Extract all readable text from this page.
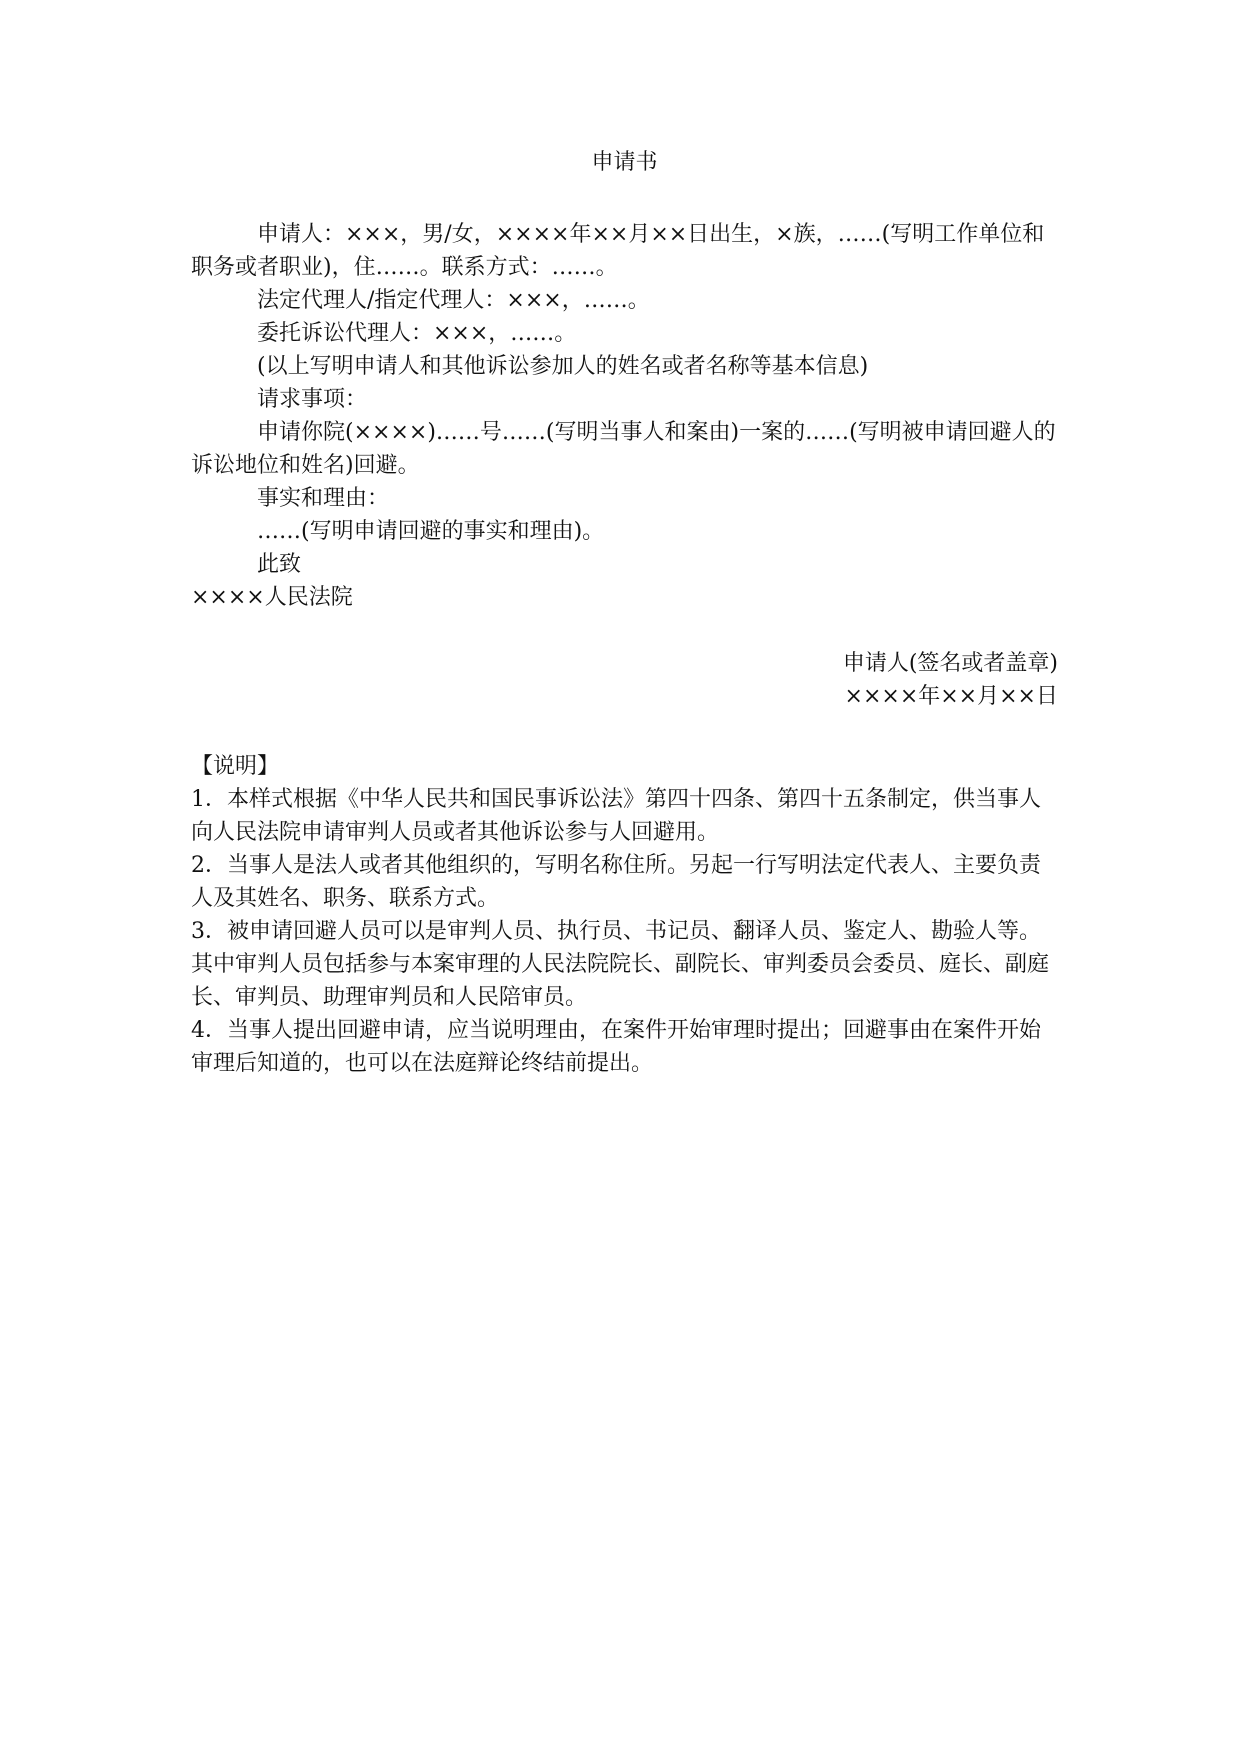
申请书

申请人：×××，男/女，××××年××月××日出生，×族，……(写明工作单位和职务或者职业)，住……。联系方式：……。

法定代理人/指定代理人：×××，……。

委托诉讼代理人：×××，……。

(以上写明申请人和其他诉讼参加人的姓名或者名称等基本信息)

请求事项：

申请你院(××××)……号……(写明当事人和案由)一案的……(写明被申请回避人的诉讼地位和姓名)回避。

事实和理由：

……(写明申请回避的事实和理由)。

此致

××××人民法院

申请人(签名或者盖章)

××××年××月××日

【说明】

1．本样式根据《中华人民共和国民事诉讼法》第四十四条、第四十五条制定，供当事人向人民法院申请审判人员或者其他诉讼参与人回避用。

2．当事人是法人或者其他组织的，写明名称住所。另起一行写明法定代表人、主要负责人及其姓名、职务、联系方式。

3．被申请回避人员可以是审判人员、执行员、书记员、翻译人员、鉴定人、勘验人等。其中审判人员包括参与本案审理的人民法院院长、副院长、审判委员会委员、庭长、副庭长、审判员、助理审判员和人民陪审员。

4．当事人提出回避申请，应当说明理由，在案件开始审理时提出；回避事由在案件开始审理后知道的，也可以在法庭辩论终结前提出。
